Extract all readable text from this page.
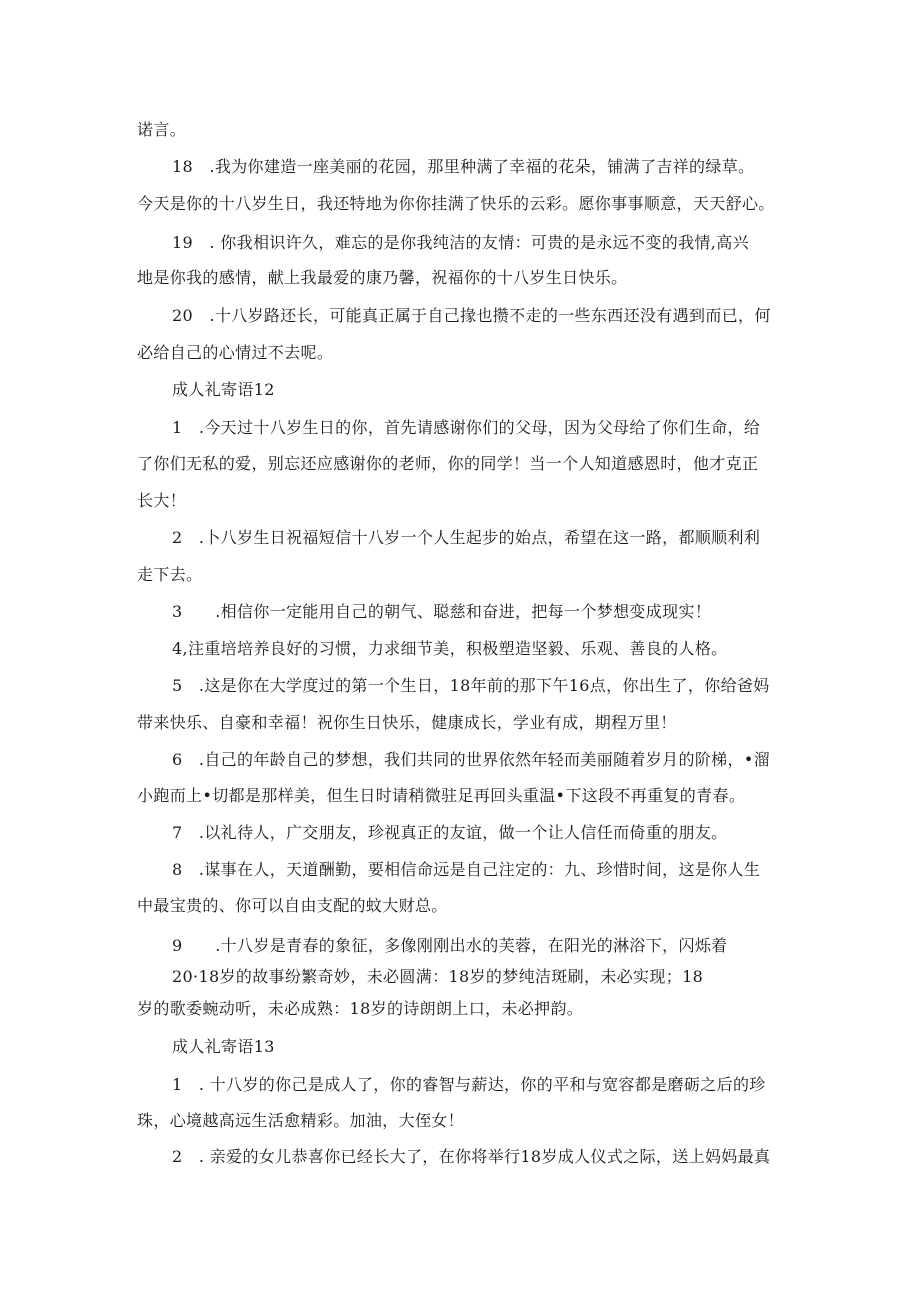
诺言。
18　.我为你建造一座美丽的花园，那里种满了幸福的花朵，铺满了吉祥的绿草。
今天是你的十八岁生日，我还特地为你你挂满了快乐的云彩。愿你事事顺意，天天舒心。
19　. 你我相识许久，难忘的是你我纯洁的友情：可贵的是永远不变的我情,高兴
地是你我的感情，献上我最爱的康乃馨，祝福你的十八岁生日快乐。
20　.十八岁路还长，可能真正属于自己掾也攒不走的一些东西还没有遇到而已，何
必给自己的心情过不去呢。
成人礼寄语12
1　.今天过十八岁生日的你，首先请感谢你们的父母，因为父母给了你们生命，给
了你们无私的爱，别忘还应感谢你的老师，你的同学！当一个人知道感恩时，他才克正
长大！
2　.卜八岁生日祝福短信十八岁一个人生起步的始点，希望在这一路，都顺顺利利
走下去。
3　　.相信你一定能用自己的朝气、聪慈和奋进，把每一个梦想变成现实！
4,注重培培养良好的习惯，力求细节美，积极塑造坚毅、乐观、善良的人格。
5　.这是你在大学度过的第一个生日，18年前的那下午16点，你出生了，你给爸妈
带来快乐、自豪和幸福！祝你生日快乐，健康成长，学业有成，期程万里！
6　.自己的年龄自己的梦想，我们共同的世界依然年轻而美丽随着岁月的阶梯，•溜
小跑而上•切都是那样美，但生日时请稍微驻足再回头重温•下这段不再重复的青春。
7　.以礼待人，广交朋友，珍视真正的友谊，做一个让人信任而倚重的朋友。
8　.谋事在人，天道酬勤，要相信命远是自己注定的：九、珍惜时间，这是你人生
中最宝贵的、你可以自由支配的蚊大财总。
9　　.十八岁是青春的象征，多像刚刚出水的芙蓉，在阳光的淋浴下，闪烁着
20·18岁的故事纷繁奇妙，未必圆满：18岁的梦纯洁斑刷，未必实现；18
岁的歌委蜿动听，未必成熟：18岁的诗朗朗上口，未必押韵。
成人礼寄语13
1　. 十八岁的你己是成人了，你的睿智与薪达，你的平和与宽容都是磨砺之后的珍
珠，心境越高远生活愈精彩。加油，大侄女！
2　. 亲爱的女儿恭喜你已经长大了，在你将举行18岁成人仪式之际，送上妈妈最真
